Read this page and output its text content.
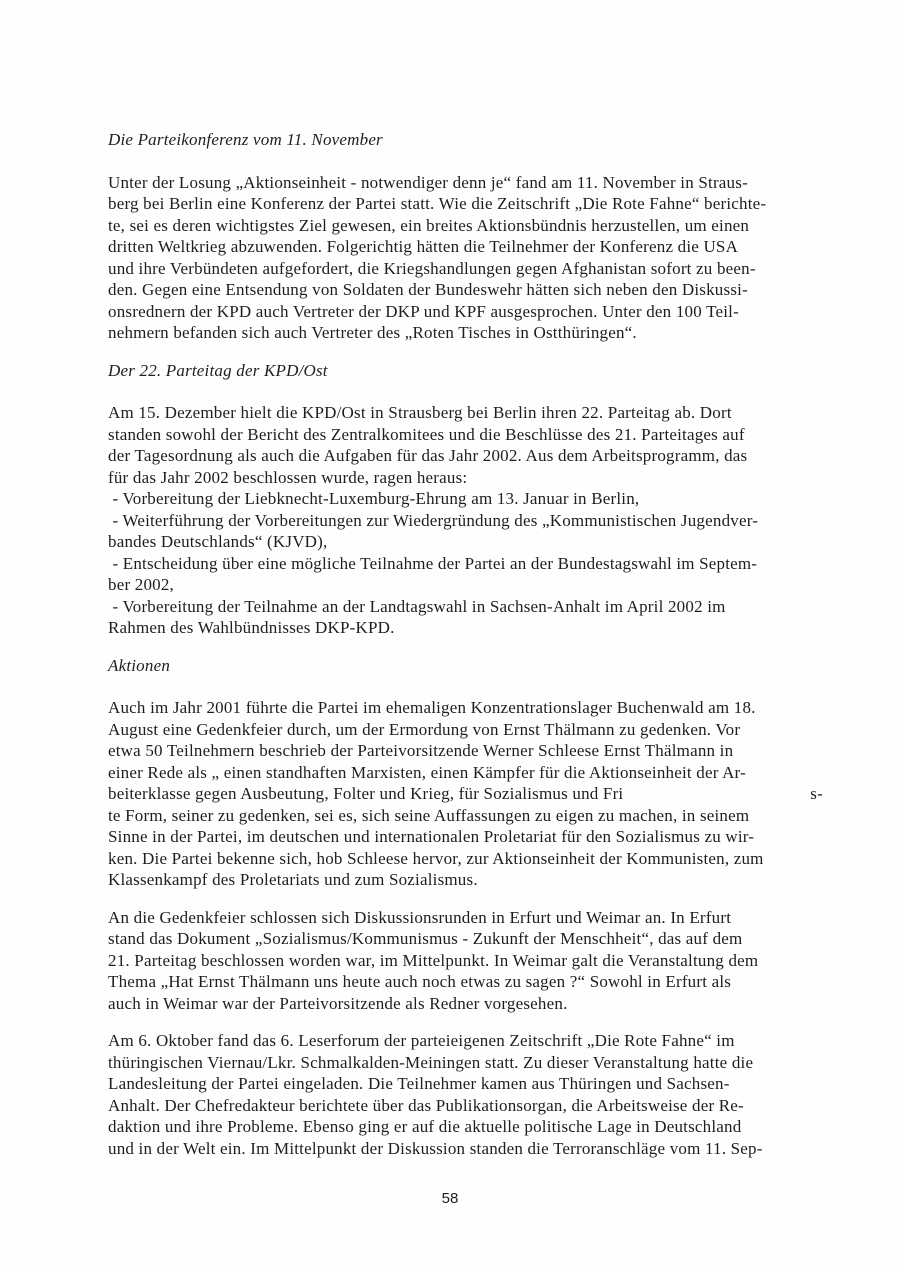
Die Parteikonferenz vom 11. November
Unter der Losung „Aktionseinheit - notwendiger denn je“ fand am 11. November in Straus-
berg bei Berlin eine Konferenz der Partei statt. Wie die Zeitschrift „Die Rote Fahne“ berichte-
te, sei es deren wichtigstes Ziel gewesen, ein breites Aktionsbündnis herzustellen, um einen
dritten Weltkrieg abzuwenden. Folgerichtig hätten die Teilnehmer der Konferenz die USA
und ihre Verbündeten aufgefordert, die Kriegshandlungen gegen Afghanistan sofort zu been-
den. Gegen eine Entsendung von Soldaten der Bundeswehr hätten sich neben den Diskussi-
onsrednern der KPD auch Vertreter der DKP und KPF ausgesprochen. Unter den 100 Teil-
nehmern befanden sich auch Vertreter des „Roten Tisches in Ostthüringen“.
Der 22. Parteitag der KPD/Ost
Am 15. Dezember hielt die KPD/Ost in Strausberg bei Berlin ihren 22. Parteitag ab. Dort
standen sowohl der Bericht des Zentralkomitees und die Beschlüsse des 21. Parteitages auf
der Tagesordnung als auch die Aufgaben für das Jahr 2002. Aus dem Arbeitsprogramm, das
für das Jahr 2002 beschlossen wurde, ragen heraus:
- Vorbereitung der Liebknecht-Luxemburg-Ehrung am 13. Januar in Berlin,
- Weiterführung der Vorbereitungen zur Wiedergründung des „Kommunistischen Jugendver-
bandes Deutschlands“ (KJVD),
- Entscheidung über eine mögliche Teilnahme der Partei an der Bundestagswahl im Septem-
ber 2002,
- Vorbereitung der Teilnahme an der Landtagswahl in Sachsen-Anhalt im April 2002 im
Rahmen des Wahlbündnisses DKP-KPD.
Aktionen
Auch im Jahr 2001 führte die Partei im ehemaligen Konzentrationslager Buchenwald am 18.
August eine Gedenkfeier durch, um der Ermordung von Ernst Thälmann zu gedenken. Vor
etwa 50 Teilnehmern beschrieb der Parteivorsitzende Werner Schleese Ernst Thälmann in
einer Rede als „ einen standhaften Marxisten, einen Kämpfer für die Aktionseinheit der Ar-
beiterklasse gegen Ausbeutung, Folter und Krieg, für Sozialismus und Fri                                          s-
te Form, seiner zu gedenken, sei es, sich seine Auffassungen zu eigen zu machen, in seinem
Sinne in der Partei, im deutschen und internationalen Proletariat für den Sozialismus zu wir-
ken. Die Partei bekenne sich, hob Schleese hervor, zur Aktionseinheit der Kommunisten, zum
Klassenkampf des Proletariats und zum Sozialismus.
An die Gedenkfeier schlossen sich Diskussionsrunden in Erfurt und Weimar an. In Erfurt
stand das Dokument „Sozialismus/Kommunismus - Zukunft der Menschheit“, das auf dem
21. Parteitag beschlossen worden war, im Mittelpunkt. In Weimar galt die Veranstaltung dem
Thema „Hat Ernst Thälmann uns heute auch noch etwas zu sagen ?“ Sowohl in Erfurt als
auch in Weimar war der Parteivorsitzende als Redner vorgesehen.
Am 6. Oktober fand das 6. Leserforum der parteieigenen Zeitschrift „Die Rote Fahne“ im
thüringischen Viernau/Lkr. Schmalkalden-Meiningen statt. Zu dieser Veranstaltung hatte die
Landesleitung der Partei eingeladen. Die Teilnehmer kamen aus Thüringen und Sachsen-
Anhalt. Der Chefredakteur berichtete über das Publikationsorgan, die Arbeitsweise der Re-
daktion und ihre Probleme. Ebenso ging er auf die aktuelle politische Lage in Deutschland
und in der Welt ein. Im Mittelpunkt der Diskussion standen die Terroranschläge vom 11. Sep-
58
